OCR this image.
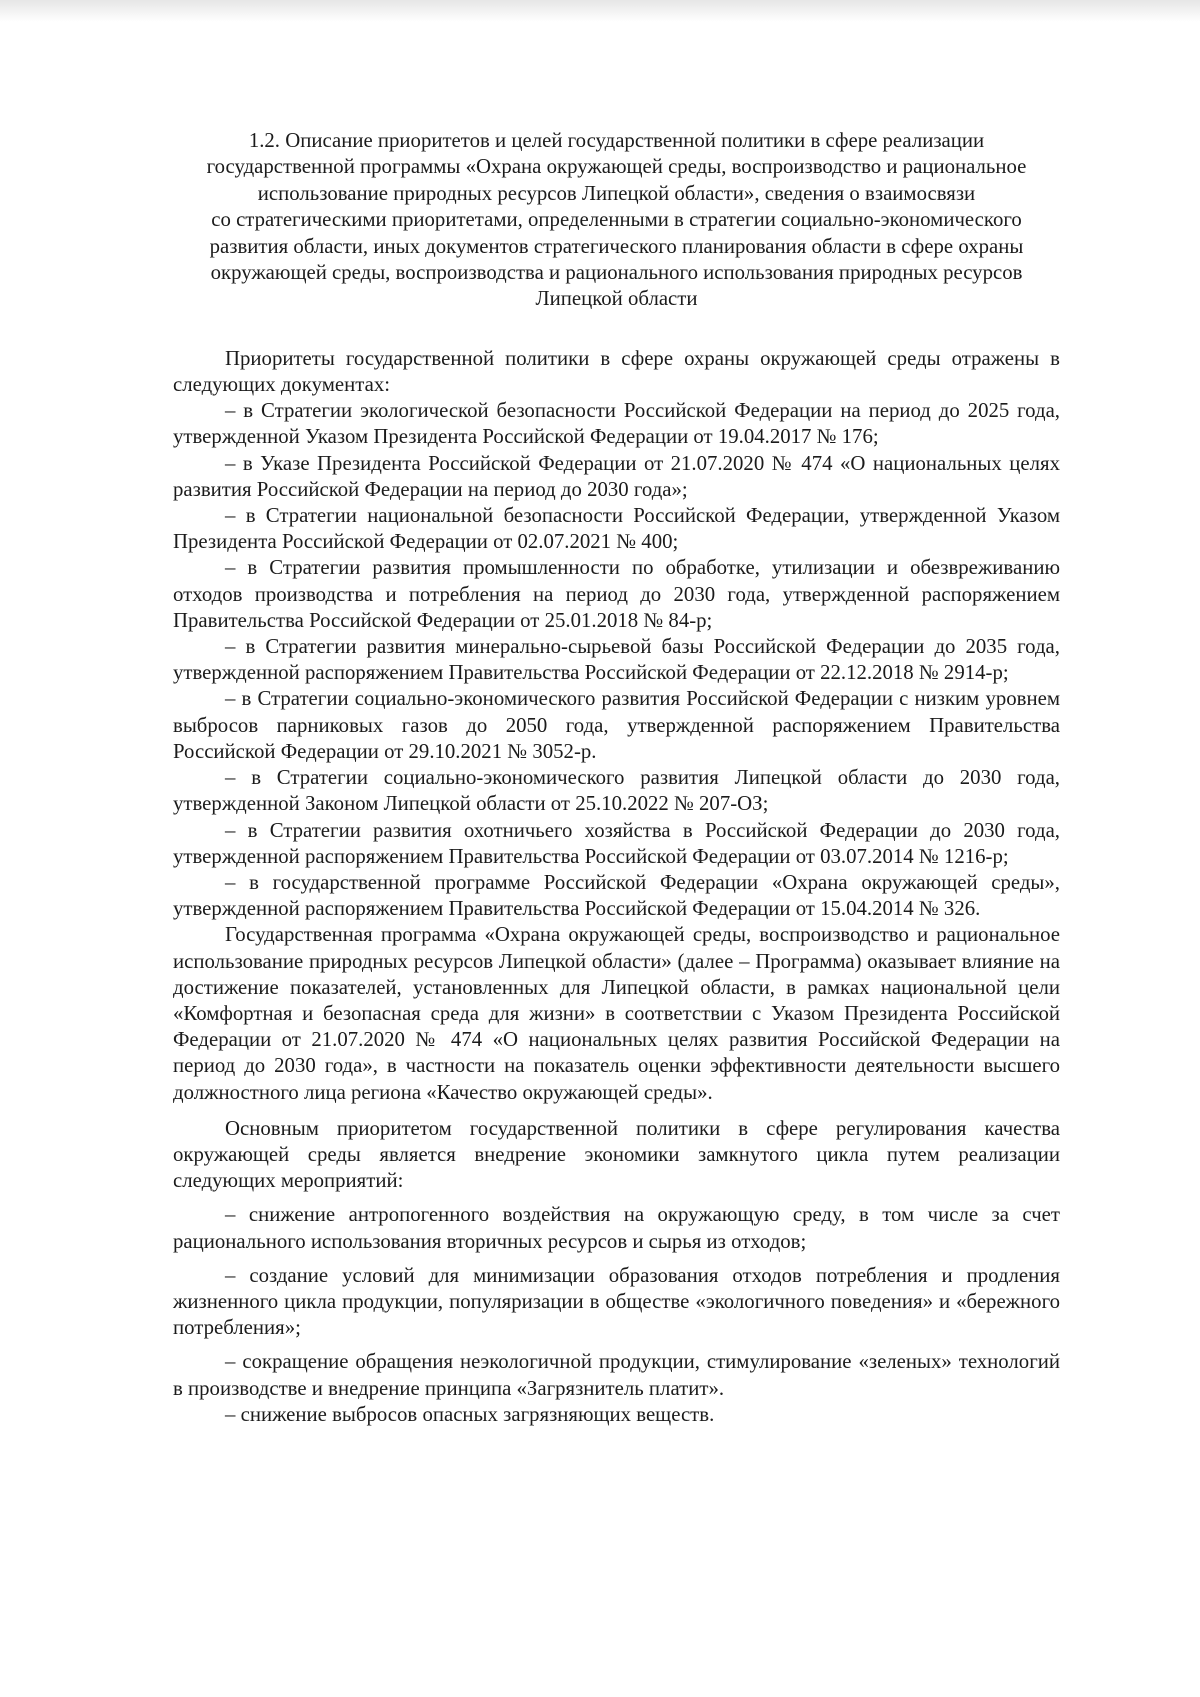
1.2. Описание приоритетов и целей государственной политики в сфере реализации
государственной программы «Охрана окружающей среды, воспроизводство и рациональное
использование природных ресурсов Липецкой области», сведения о взаимосвязи
со стратегическими приоритетами, определенными в стратегии социально-экономического
развития области, иных документов стратегического планирования области в сфере охраны
окружающей среды, воспроизводства и рационального использования природных ресурсов
Липецкой области

Приоритеты государственной политики в сфере охраны окружающей среды отражены в следующих документах:

– в Стратегии экологической безопасности Российской Федерации на период до 2025 года, утвержденной Указом Президента Российской Федерации от 19.04.2017 № 176;

– в Указе Президента Российской Федерации от 21.07.2020 № 474 «О национальных целях развития Российской Федерации на период до 2030 года»;

– в Стратегии национальной безопасности Российской Федерации, утвержденной Указом Президента Российской Федерации от 02.07.2021 № 400;

– в Стратегии развития промышленности по обработке, утилизации и обезвреживанию отходов производства и потребления на период до 2030 года, утвержденной распоряжением Правительства Российской Федерации от 25.01.2018 № 84-р;

– в Стратегии развития минерально-сырьевой базы Российской Федерации до 2035 года, утвержденной распоряжением Правительства Российской Федерации от 22.12.2018 № 2914-р;

– в Стратегии социально-экономического развития Российской Федерации с низким уровнем выбросов парниковых газов до 2050 года, утвержденной распоряжением Правительства Российской Федерации от 29.10.2021 № 3052-р.

– в Стратегии социально-экономического развития Липецкой области до 2030 года, утвержденной Законом Липецкой области от 25.10.2022 № 207-ОЗ;

– в Стратегии развития охотничьего хозяйства в Российской Федерации до 2030 года, утвержденной распоряжением Правительства Российской Федерации от 03.07.2014 № 1216-р;

– в государственной программе Российской Федерации «Охрана окружающей среды», утвержденной распоряжением Правительства Российской Федерации от 15.04.2014 № 326.

Государственная программа «Охрана окружающей среды, воспроизводство и рациональное использование природных ресурсов Липецкой области» (далее – Программа) оказывает влияние на достижение показателей, установленных для Липецкой области, в рамках национальной цели «Комфортная и безопасная среда для жизни» в соответствии с Указом Президента Российской Федерации от 21.07.2020 № 474 «О национальных целях развития Российской Федерации на период до 2030 года», в частности на показатель оценки эффективности деятельности высшего должностного лица региона «Качество окружающей среды».

Основным приоритетом государственной политики в сфере регулирования качества окружающей среды является внедрение экономики замкнутого цикла путем реализации следующих мероприятий:

– снижение антропогенного воздействия на окружающую среду, в том числе за счет рационального использования вторичных ресурсов и сырья из отходов;

– создание условий для минимизации образования отходов потребления и продления жизненного цикла продукции, популяризации в обществе «экологичного поведения» и «бережного потребления»;

– сокращение обращения неэкологичной продукции, стимулирование «зеленых» технологий в производстве и внедрение принципа «Загрязнитель платит».

– снижение выбросов опасных загрязняющих веществ.
